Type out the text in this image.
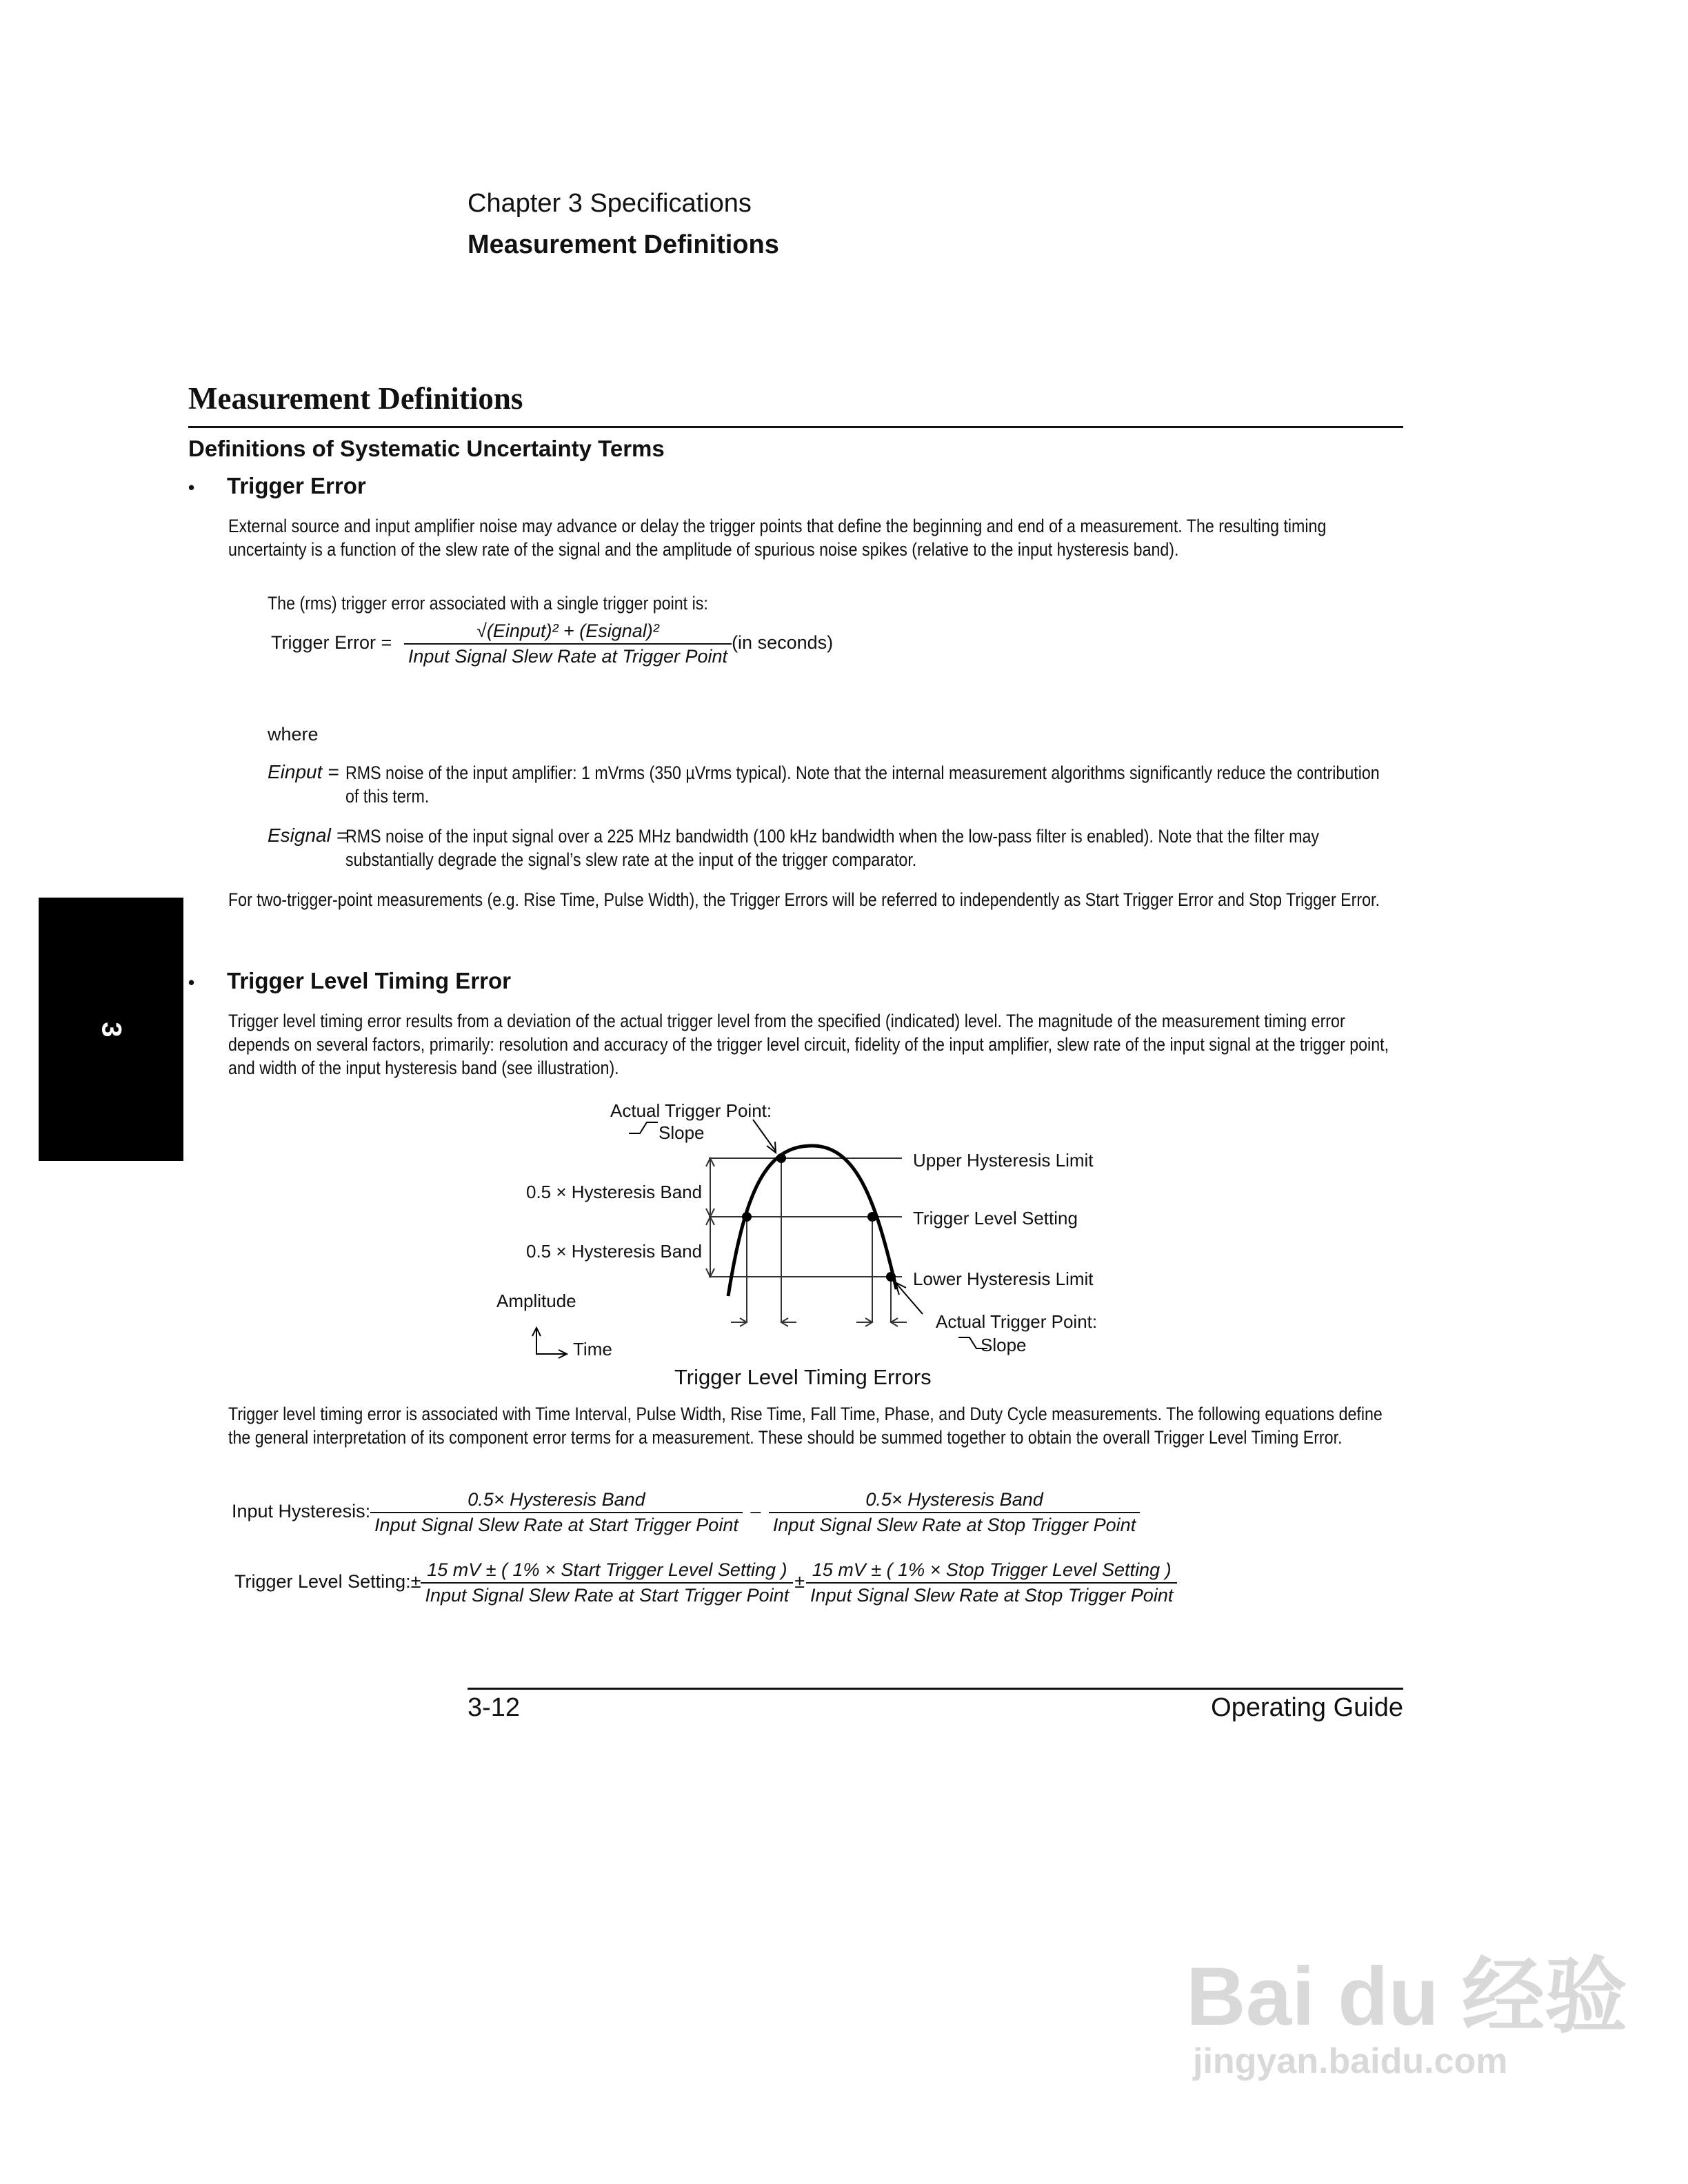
Chapter 3 Specifications
Measurement Definitions
Measurement Definitions
Definitions of Systematic Uncertainty Terms
3
• Trigger Error

External source and input amplifier noise may advance or delay the trigger points that define the beginning and end of a measurement. The resulting timing uncertainty is a function of the slew rate of the signal and the amplitude of spurious noise spikes (relative to the input hysteresis band).

The (rms) trigger error associated with a single trigger point is:

Trigger Error = $\frac{\text{√(Einput)² + (Esignal)²}}{\text{Input Signal Slew Rate at Trigger Point}} (in$ seconds)

where

Einput = RMS noise of the input amplifier: 1 mVrms (350 µVrms typical). Note that the internal measurement algorithms significantly reduce the contribution of this term.

Esignal =

RMS noise of the input signal over a 225 MHz bandwidth (100 kHz bandwidth when the low-pass filter is enabled). Note that the filter may substantially degrade the signal’s slew rate at the input of the trigger comparator.

For two-trigger-point measurements (e.g. Rise Time, Pulse Width), the Trigger Errors will be referred to independently as Start Trigger Error and Stop Trigger Error.

• Trigger Level Timing Error

Trigger level timing error results from a deviation of the actual trigger level from the specified (indicated) level. The magnitude of the measurement timing error depends on several factors, primarily: resolution and accuracy of the trigger level circuit, fidelity of the input amplifier, slew rate of the input signal at the trigger point, and width of the input hysteresis band (see illustration).

Actual Trigger Point:
Slope
0.5 × Hysteresis Band
0.5 × Hysteresis Band
Upper Hysteresis Limit
Trigger Level Setting
Lower Hysteresis Limit
Actual Trigger Point:
Slope
Amplitude
Time
Trigger Level Timing Errors

Trigger level timing error is associated with Time Interval, Pulse Width, Rise Time, Fall Time, Phase, and Duty Cycle measurements. The following equations define the general interpretation of its component error terms for a measurement. These should be summed together to obtain the overall Trigger Level Timing Error.

Input Hysteresis: $\frac{\text{0.5× Hysteresis Band}}{\text{Input Signal Slew Rate at Start Trigger Point}} - \frac{\text{0.5× Hysteresis Band}}{\text{Input Signal Slew Rate at Stop Trigger Point}}$
Trigger Level Setting:± $\frac{\text{15 mV ± ( 1\% × Start Trigger Level Setting )}}{\text{Input Signal Slew Rate at Start Trigger Point}} \pm \frac{\text{15 mV ± ( 1\% × Stop Trigger Level Setting )}}{\text{Input Signal Slew Rate at Stop Trigger Point}}$
3-12	Operating Guide
Bai du 经验
jingyan.baidu.com
